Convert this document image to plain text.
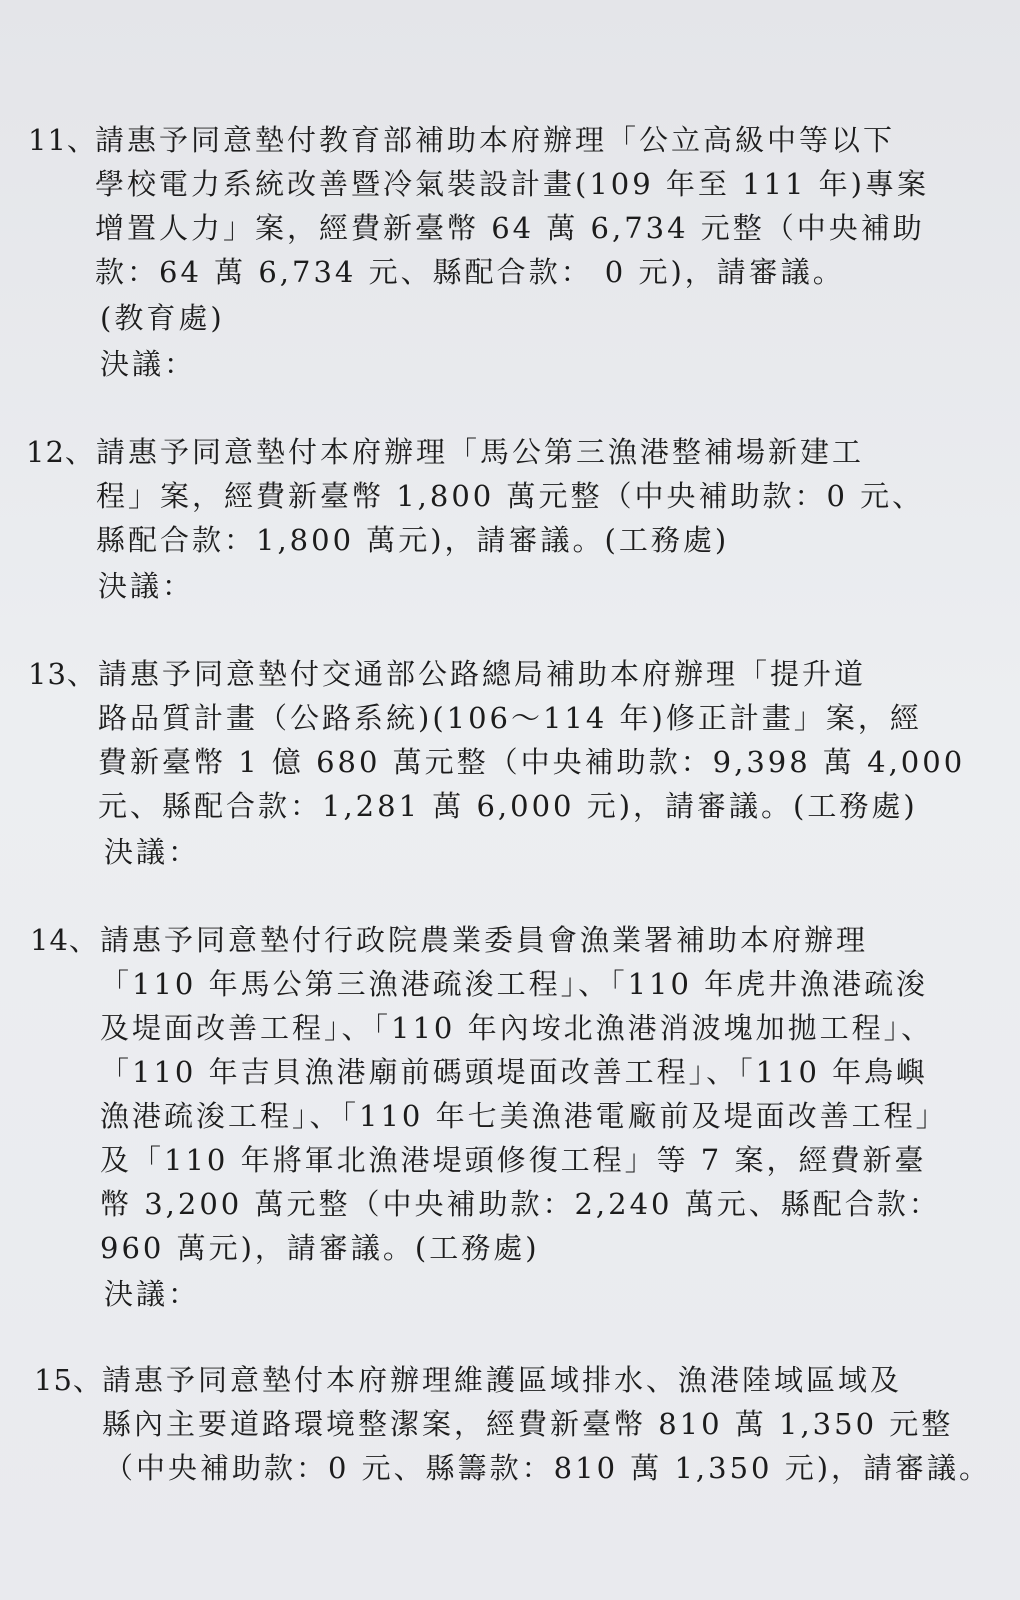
11、
請惠予同意墊付教育部補助本府辦理「公立高級中等以下
學校電力系統改善暨冷氣裝設計畫(109 年至 111 年)專案
增置人力」案，經費新臺幣 64 萬 6,734 元整（中央補助
款：64 萬 6,734 元、縣配合款： 0 元)，請審議。
(教育處)
決議：
12、 請惠予同意墊付本府辦理「馬公第三漁港整補場新建工
程」案，經費新臺幣 1,800 萬元整（中央補助款：0 元、
縣配合款：1,800 萬元)，請審議。(工務處)
決議：
13、 請惠予同意墊付交通部公路總局補助本府辦理「提升道
路品質計畫（公路系統)(106～114 年)修正計畫」案，經
費新臺幣 1 億 680 萬元整（中央補助款：9,398 萬 4,000
元、縣配合款：1,281 萬 6,000 元)，請審議。(工務處)
決議：
14、 請惠予同意墊付行政院農業委員會漁業署補助本府辦理
「110 年馬公第三漁港疏浚工程」、「110 年虎井漁港疏浚
及堤面改善工程」、「110 年內垵北漁港消波塊加拋工程」、
「110 年吉貝漁港廟前碼頭堤面改善工程」、「110 年鳥嶼
漁港疏浚工程」、「110 年七美漁港電廠前及堤面改善工程」
及「110 年將軍北漁港堤頭修復工程」等 7 案，經費新臺
幣 3,200 萬元整（中央補助款：2,240 萬元、縣配合款：
960 萬元)，請審議。(工務處)
決議：
15、 請惠予同意墊付本府辦理維護區域排水、漁港陸域區域及
縣內主要道路環境整潔案，經費新臺幣 810 萬 1,350 元整
（中央補助款：0 元、縣籌款：810 萬 1,350 元)，請審議。
